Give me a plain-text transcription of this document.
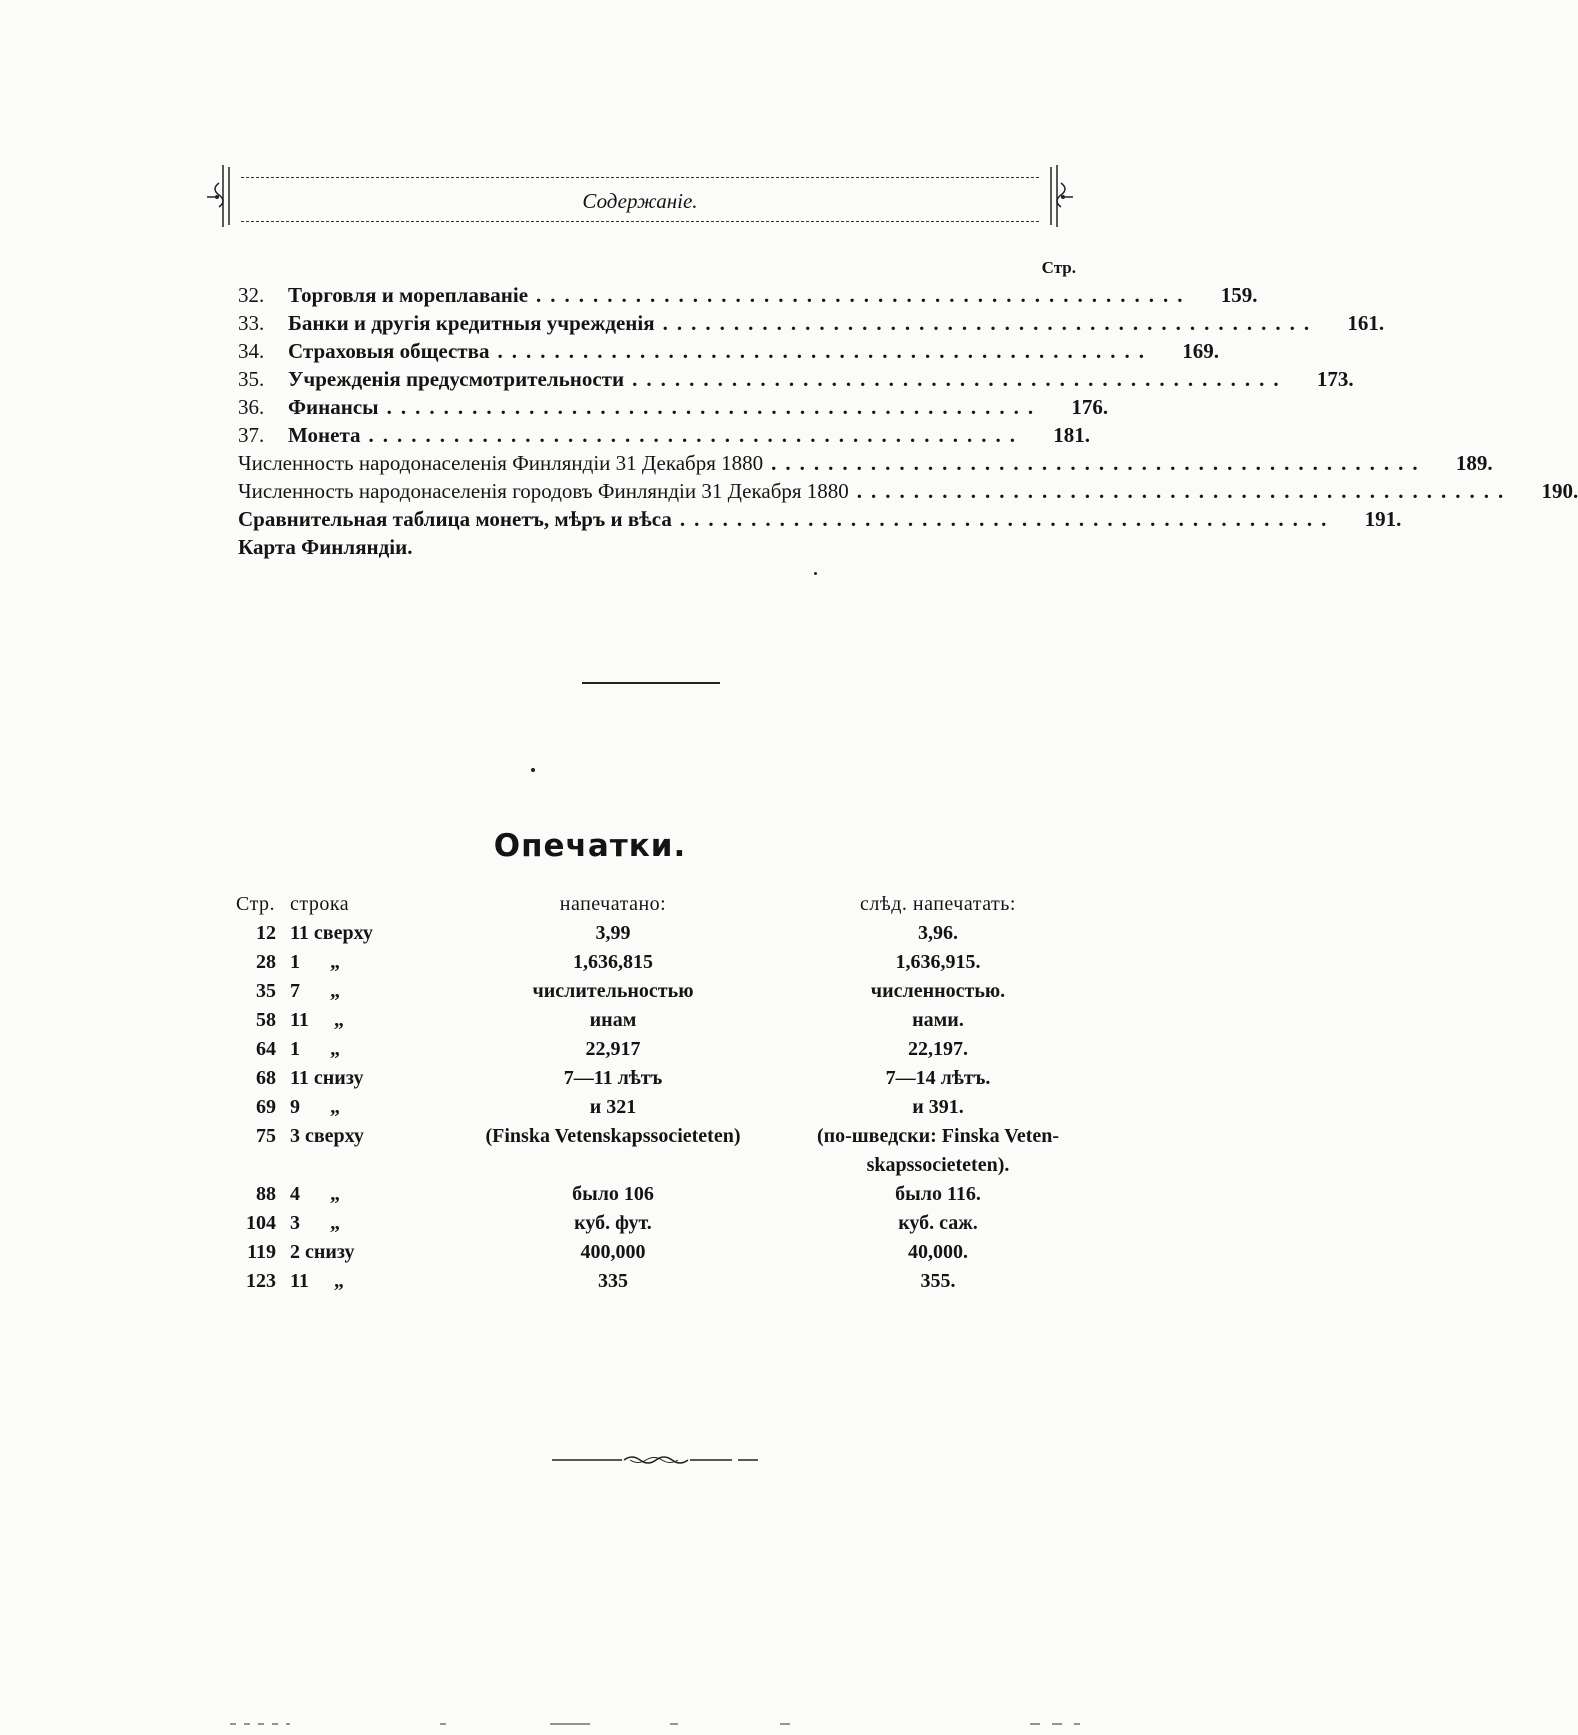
Содержаніе.
Стр.
32.	Торговля и мореплаваніе ..............................................	159.
33.	Банки и другія кредитныя учрежденія ..............................................	161.
34.	Страховыя общества ..............................................	169.
35.	Учрежденія предусмотрительности ..............................................	173.
36.	Финансы ..............................................	176.
37.	Монета ..............................................	181.
Численность народонаселенія Финляндіи 31 Декабря 1880 ..............................................	189.
Численность народонаселенія городовъ Финляндіи 31 Декабря 1880 ..............................................	190.
Сравнительная таблица монетъ, мѣръ и вѣса ..............................................	191.
Карта Финляндіи.
Опечатки.
Стр. строка	напечатано:	слѣд. напечатать:
12 11 сверху	3,99	3,96.
28 1      „	1,636,815	1,636,915.
35 7      „	числительностью	численностью.
58 11     „	инам	нами.
64 1      „	22,917	22,197.
68 11 снизу	7—11 лѣтъ	7—14 лѣтъ.
69 9      „	и 321	и 391.
75 3 сверху	(Finska Vetenskapssocieteten)	(по-шведски: Finska Veten-
skapssocieteten).
88 4      „	было 106	было 116.
104 3      „	куб. фут.	куб. саж.
119 2 снизу	400,000	40,000.
123 11     „	335	355.
